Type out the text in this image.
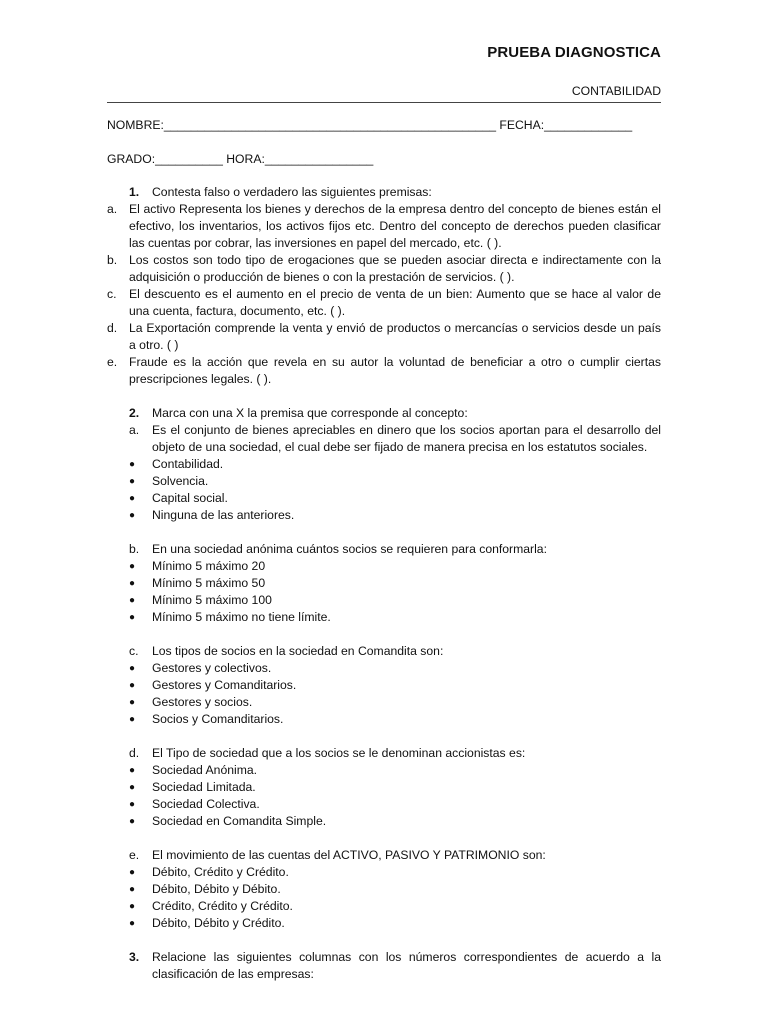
PRUEBA DIAGNOSTICA
CONTABILIDAD
NOMBRE:_________________________________________________ FECHA:_____________
GRADO:__________ HORA:________________
1. Contesta falso o verdadero las siguientes premisas:
a. El activo Representa los bienes y derechos de la empresa dentro del concepto de bienes están el efectivo, los inventarios, los activos fijos etc. Dentro del concepto de derechos pueden clasificar las cuentas por cobrar, las inversiones en papel del mercado, etc. ( ).
b. Los costos son todo tipo de erogaciones que se pueden asociar directa e indirectamente con la adquisición o producción de bienes o con la prestación de servicios. ( ).
c. El descuento es el aumento en el precio de venta de un bien: Aumento que se hace al valor de una cuenta, factura, documento, etc. ( ).
d. La Exportación comprende la venta y envió de productos o mercancías o servicios desde un país a otro. ( )
e. Fraude es la acción que revela en su autor la voluntad de beneficiar a otro o cumplir ciertas prescripciones legales. ( ).
2. Marca con una X la premisa que corresponde al concepto:
a. Es el conjunto de bienes apreciables en dinero que los socios aportan para el desarrollo del objeto de una sociedad, el cual debe ser fijado de manera precisa en los estatutos sociales.
● Contabilidad.
● Solvencia.
● Capital social.
● Ninguna de las anteriores.
b. En una sociedad anónima cuántos socios se requieren para conformarla:
● Mínimo 5 máximo 20
● Mínimo 5 máximo 50
● Mínimo 5 máximo 100
● Mínimo 5 máximo no tiene límite.
c. Los tipos de socios en la sociedad en Comandita son:
● Gestores y colectivos.
● Gestores y Comanditarios.
● Gestores y socios.
● Socios y Comanditarios.
d. El Tipo de sociedad que a los socios se le denominan accionistas es:
● Sociedad Anónima.
● Sociedad Limitada.
● Sociedad Colectiva.
● Sociedad en Comandita Simple.
e. El movimiento de las cuentas del ACTIVO, PASIVO Y PATRIMONIO son:
● Débito, Crédito y Crédito.
● Débito, Débito y Débito.
● Crédito, Crédito y Crédito.
● Débito, Débito y Crédito.
3. Relacione las siguientes columnas con los números correspondientes de acuerdo a la clasificación de las empresas:
